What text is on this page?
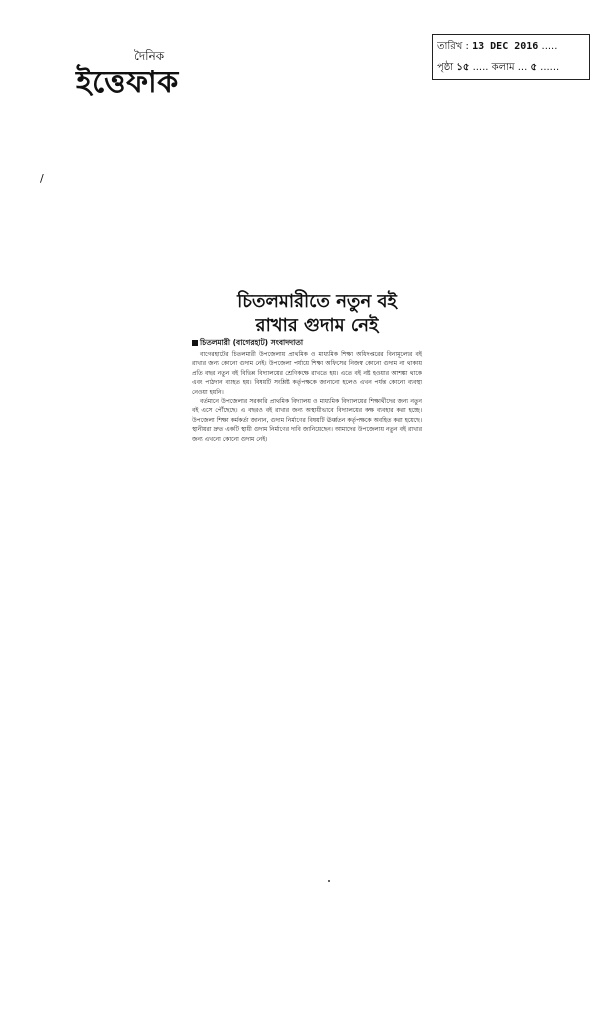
দৈনিক
ইত্তেফাক
তারিখ : 13 DEC 2016 .....
পৃষ্ঠা ১৫ ..... কলাম ... ৫ ......
/
চিতলমারীতে নতুন বই
রাখার গুদাম নেই
চিতলমারী (বাগেরহাট) সংবাদদাতা

বাগেরহাটের চিতলমারী উপজেলায় প্রাথমিক ও মাধ্যমিক শিক্ষা অধিদপ্তরের বিনামূল্যের বই রাখার জন্য কোনো গুদাম নেই। উপজেলা পর্যায়ে শিক্ষা অফিসের নিজস্ব কোনো গুদাম না থাকায় প্রতি বছর নতুন বই বিভিন্ন বিদ্যালয়ের শ্রেণিকক্ষে রাখতে হয়। এতে বই নষ্ট হওয়ার আশঙ্কা থাকে এবং পাঠদান ব্যাহত হয়। বিষয়টি সংশ্লিষ্ট কর্তৃপক্ষকে জানানো হলেও এখন পর্যন্ত কোনো ব্যবস্থা নেওয়া হয়নি।

বর্তমানে উপজেলার সরকারি প্রাথমিক বিদ্যালয় ও মাধ্যমিক বিদ্যালয়ের শিক্ষার্থীদের জন্য নতুন বই এসে পৌঁছেছে। এ বছরও বই রাখার জন্য অস্থায়ীভাবে বিদ্যালয়ের কক্ষ ব্যবহার করা হচ্ছে। উপজেলা শিক্ষা কর্মকর্তা জানান, গুদাম নির্মাণের বিষয়টি ঊর্ধ্বতন কর্তৃপক্ষকে অবহিত করা হয়েছে। স্থানীয়রা দ্রুত একটি স্থায়ী গুদাম নির্মাণের দাবি জানিয়েছেন। আমাদের উপজেলায় নতুন বই রাখার জন্য এখনো কোনো গুদাম নেই।
